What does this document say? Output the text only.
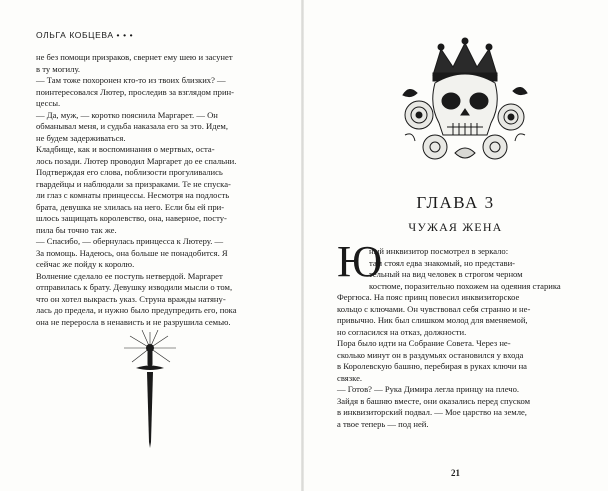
ОЛЬГА КОБЦЕВА • • •
не без помощи призраков, свернет ему шею и засунет
в ту могилу.
— Там тоже похоронен кто-то из твоих близких? —
поинтересовался Лютер, проследив за взглядом прин-
цессы.
— Да, муж, — коротко пояснила Маргарет. — Он
обманывал меня, и судьба наказала его за это. Идем,
не будем задерживаться.
Кладбище, как и воспоминания о мертвых, оста-
лось позади. Лютер проводил Маргарет до ее спальни.
Подтверждая его слова, поблизости прогуливались
гвардейцы и наблюдали за призраками. Те не спуска-
ли глаз с комнаты принцессы. Несмотря на подлость
брата, девушка не злилась на него. Если бы ей при-
шлось защищать королевство, она, наверное, посту-
пила бы точно так же.
— Спасибо, — обернулась принцесса к Лютеру. —
За помощь. Надеюсь, она больше не понадобится. Я
сейчас же пойду к королю.
Волнение сделало ее поступь нетвердой. Маргарет
отправилась к брату. Девушку изводили мысли о том,
что он хотел выкрасть указ. Струна вражды натяну-
лась до предела, и нужно было предупредить его, пока
она не переросла в ненависть и не разрушила семью.
ГЛАВА 3
ЧУЖАЯ ЖЕНА
Ю
ный инквизитор посмотрел в зеркало:
там стоял едва знакомый, но представи-
тельный на вид человек в строгом черном
костюме, поразительно похожем на одеяния старика
Фергюса. На пояс принц повесил инквизиторское
кольцо с ключами. Он чувствовал себя странно и не-
привычно. Ник был слишком молод для вменяемой,
но согласился на отказ, должности.
Пора было идти на Собрание Совета. Через не-
сколько минут он в раздумьях остановился у входа
в Королевскую башню, перебирая в руках ключи на
связке.
— Готов? — Рука Димира легла принцу на плечо.
Зайдя в башню вместе, они оказались перед спуском
в инквизиторский подвал. — Мое царство на земле,
а твое теперь — под ней.
21
